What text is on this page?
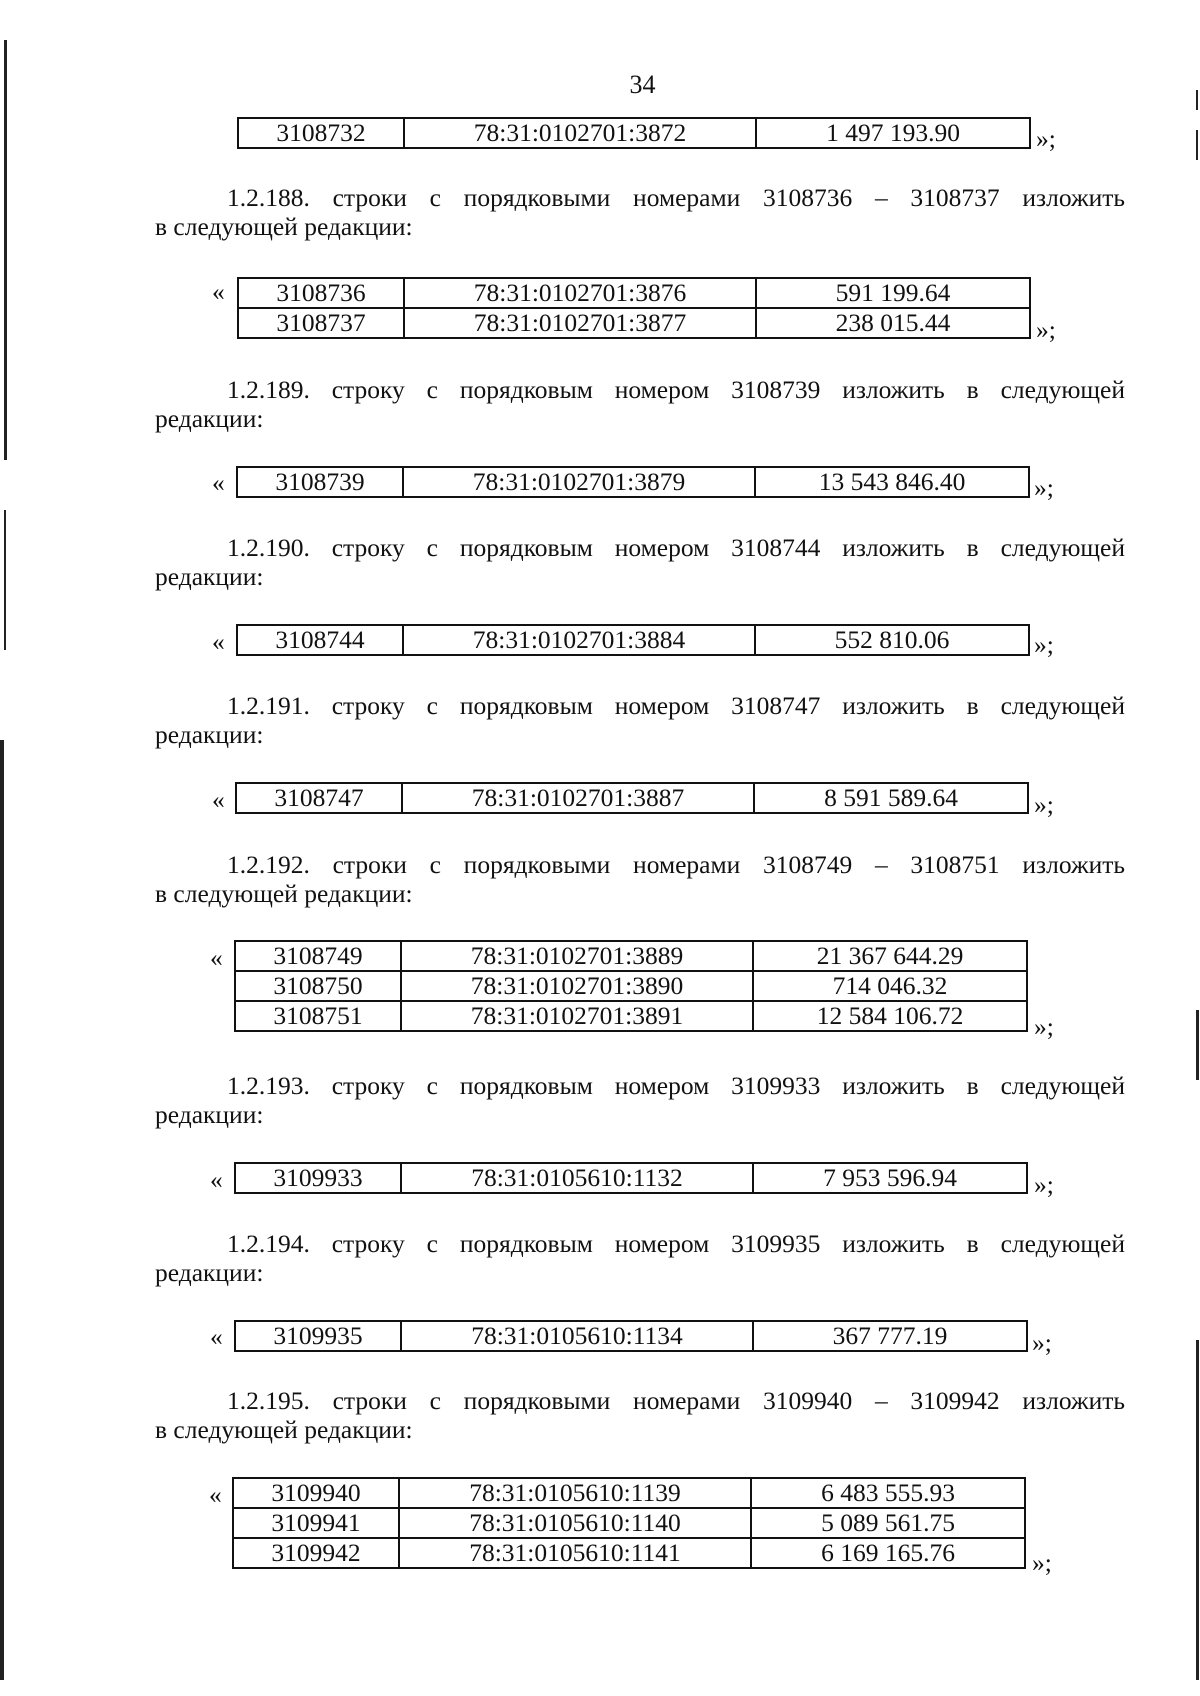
34
3108732	78:31:0102701:3872	1 497 193.90	»;
1.2.188. строки с порядковыми номерами 3108736 – 3108737 изложить
в следующей редакции:
« 3108736	78:31:0102701:3876	591 199.64
3108737	78:31:0102701:3877	238 015.44	»;
1.2.189. строку с порядковым номером 3108739 изложить в следующей
редакции:
« 3108739	78:31:0102701:3879	13 543 846.40	»;
1.2.190. строку с порядковым номером 3108744 изложить в следующей
редакции:
« 3108744	78:31:0102701:3884	552 810.06	»;
1.2.191. строку с порядковым номером 3108747 изложить в следующей
редакции:
« 3108747	78:31:0102701:3887	8 591 589.64	»;
1.2.192. строки с порядковыми номерами 3108749 – 3108751 изложить
в следующей редакции:
« 3108749	78:31:0102701:3889	21 367 644.29
3108750	78:31:0102701:3890	714 046.32
3108751	78:31:0102701:3891	12 584 106.72	»;
1.2.193. строку с порядковым номером 3109933 изложить в следующей
редакции:
« 3109933	78:31:0105610:1132	7 953 596.94	»;
1.2.194. строку с порядковым номером 3109935 изложить в следующей
редакции:
« 3109935	78:31:0105610:1134	367 777.19	»;
1.2.195. строки с порядковыми номерами 3109940 – 3109942 изложить
в следующей редакции:
« 3109940	78:31:0105610:1139	6 483 555.93
3109941	78:31:0105610:1140	5 089 561.75
3109942	78:31:0105610:1141	6 169 165.76	»;
